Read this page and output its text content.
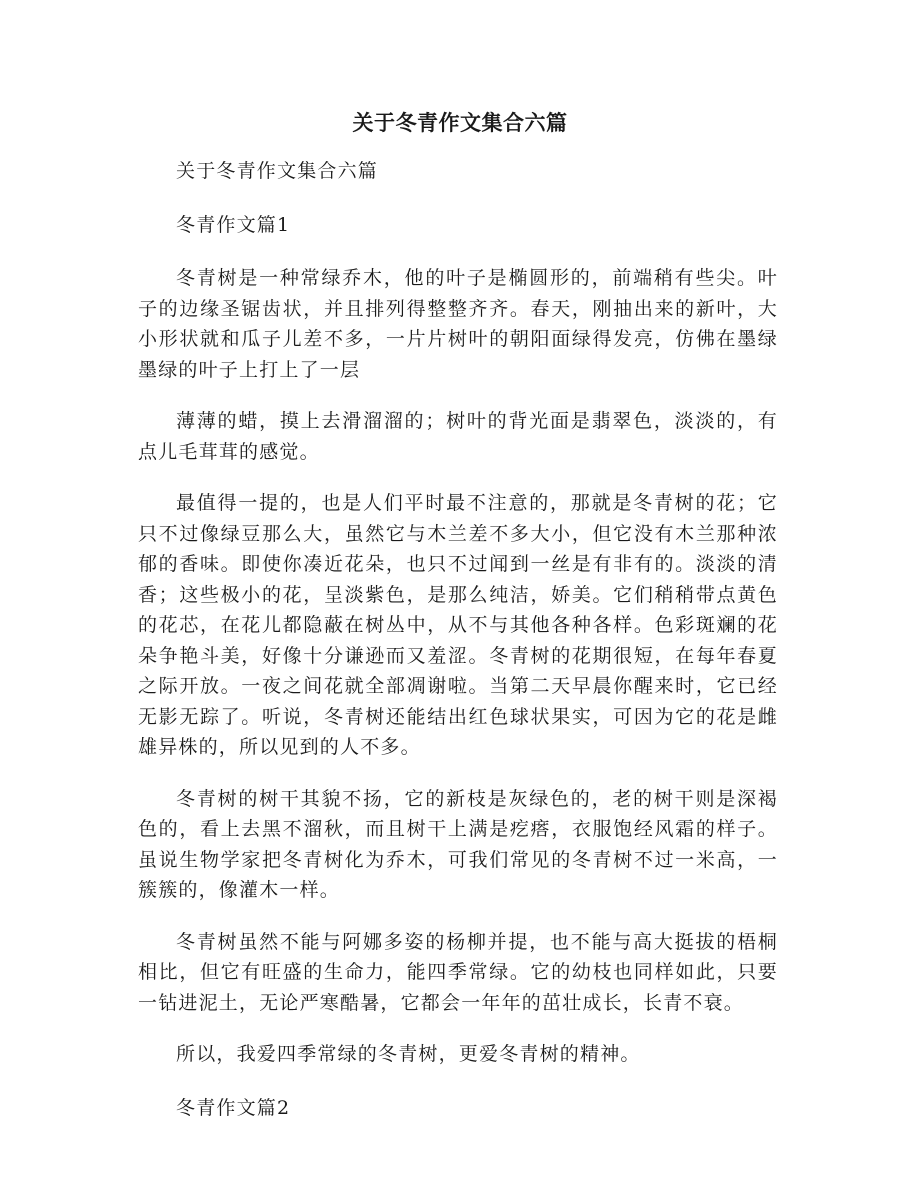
关于冬青作文集合六篇

关于冬青作文集合六篇

冬青作文篇1

冬青树是一种常绿乔木，他的叶子是椭圆形的，前端稍有些尖。叶子的边缘圣锯齿状，并且排列得整整齐齐。春天，刚抽出来的新叶，大小形状就和瓜子儿差不多，一片片树叶的朝阳面绿得发亮，仿佛在墨绿墨绿的叶子上打上了一层

薄薄的蜡，摸上去滑溜溜的；树叶的背光面是翡翠色，淡淡的，有点儿毛茸茸的感觉。

最值得一提的，也是人们平时最不注意的，那就是冬青树的花；它只不过像绿豆那么大，虽然它与木兰差不多大小，但它没有木兰那种浓郁的香味。即使你凑近花朵，也只不过闻到一丝是有非有的。淡淡的清香；这些极小的花，呈淡紫色，是那么纯洁，娇美。它们稍稍带点黄色的花芯，在花儿都隐蔽在树丛中，从不与其他各种各样。色彩斑斓的花朵争艳斗美，好像十分谦逊而又羞涩。冬青树的花期很短，在每年春夏之际开放。一夜之间花就全部凋谢啦。当第二天早晨你醒来时，它已经无影无踪了。听说，冬青树还能结出红色球状果实，可因为它的花是雌雄异株的，所以见到的人不多。

冬青树的树干其貌不扬，它的新枝是灰绿色的，老的树干则是深褐色的，看上去黑不溜秋，而且树干上满是疙瘩，衣服饱经风霜的样子。虽说生物学家把冬青树化为乔木，可我们常见的冬青树不过一米高，一簇簇的，像灌木一样。

冬青树虽然不能与阿娜多姿的杨柳并提，也不能与高大挺拔的梧桐相比，但它有旺盛的生命力，能四季常绿。它的幼枝也同样如此，只要一钻进泥土，无论严寒酷暑，它都会一年年的茁壮成长，长青不衰。

所以，我爱四季常绿的冬青树，更爱冬青树的精神。

冬青作文篇2
